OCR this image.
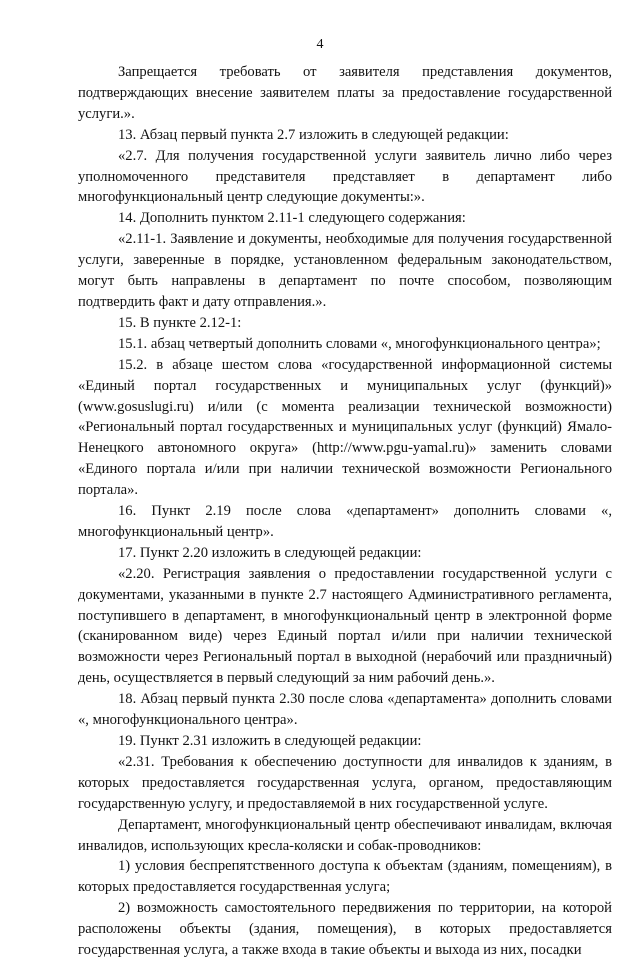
4

Запрещается требовать от заявителя представления документов, подтверждающих внесение заявителем платы за предоставление государственной услуги.».

13. Абзац первый пункта 2.7 изложить в следующей редакции:

«2.7. Для получения государственной услуги заявитель лично либо через уполномоченного представителя представляет в департамент либо многофункциональный центр следующие документы:».

14. Дополнить пунктом 2.11-1 следующего содержания:

«2.11-1. Заявление и документы, необходимые для получения государственной услуги, заверенные в порядке, установленном федеральным законодательством, могут быть направлены в департамент по почте способом, позволяющим подтвердить факт и дату отправления.».

15. В пункте 2.12-1:

15.1. абзац четвертый дополнить словами «, многофункционального центра»;

15.2. в абзаце шестом слова «государственной информационной системы «Единый портал государственных и муниципальных услуг (функций)» (www.gosuslugi.ru) и/или (с момента реализации технической возможности) «Региональный портал государственных и муниципальных услуг (функций) Ямало-Ненецкого автономного округа» (http://www.pgu-yamal.ru)» заменить словами «Единого портала и/или при наличии технической возможности Регионального портала».

16. Пункт 2.19 после слова «департамент» дополнить словами «, многофункциональный центр».

17. Пункт 2.20 изложить в следующей редакции:

«2.20. Регистрация заявления о предоставлении государственной услуги с документами, указанными в пункте 2.7 настоящего Административного регламента, поступившего в департамент, в многофункциональный центр в электронной форме (сканированном виде) через Единый портал и/или при наличии технической возможности через Региональный портал в выходной (нерабочий или праздничный) день, осуществляется в первый следующий за ним рабочий день.».

18. Абзац первый пункта 2.30 после слова «департамента» дополнить словами «, многофункционального центра».

19. Пункт 2.31 изложить в следующей редакции:

«2.31. Требования к обеспечению доступности для инвалидов к зданиям, в которых предоставляется государственная услуга, органом, предоставляющим государственную услугу, и предоставляемой в них государственной услуге.

Департамент, многофункциональный центр обеспечивают инвалидам, включая инвалидов, использующих кресла-коляски и собак-проводников:

1) условия беспрепятственного доступа к объектам (зданиям, помещениям), в которых предоставляется государственная услуга;

2) возможность самостоятельного передвижения по территории, на которой расположены объекты (здания, помещения), в которых предоставляется государственная услуга, а также входа в такие объекты и выхода из них, посадки
